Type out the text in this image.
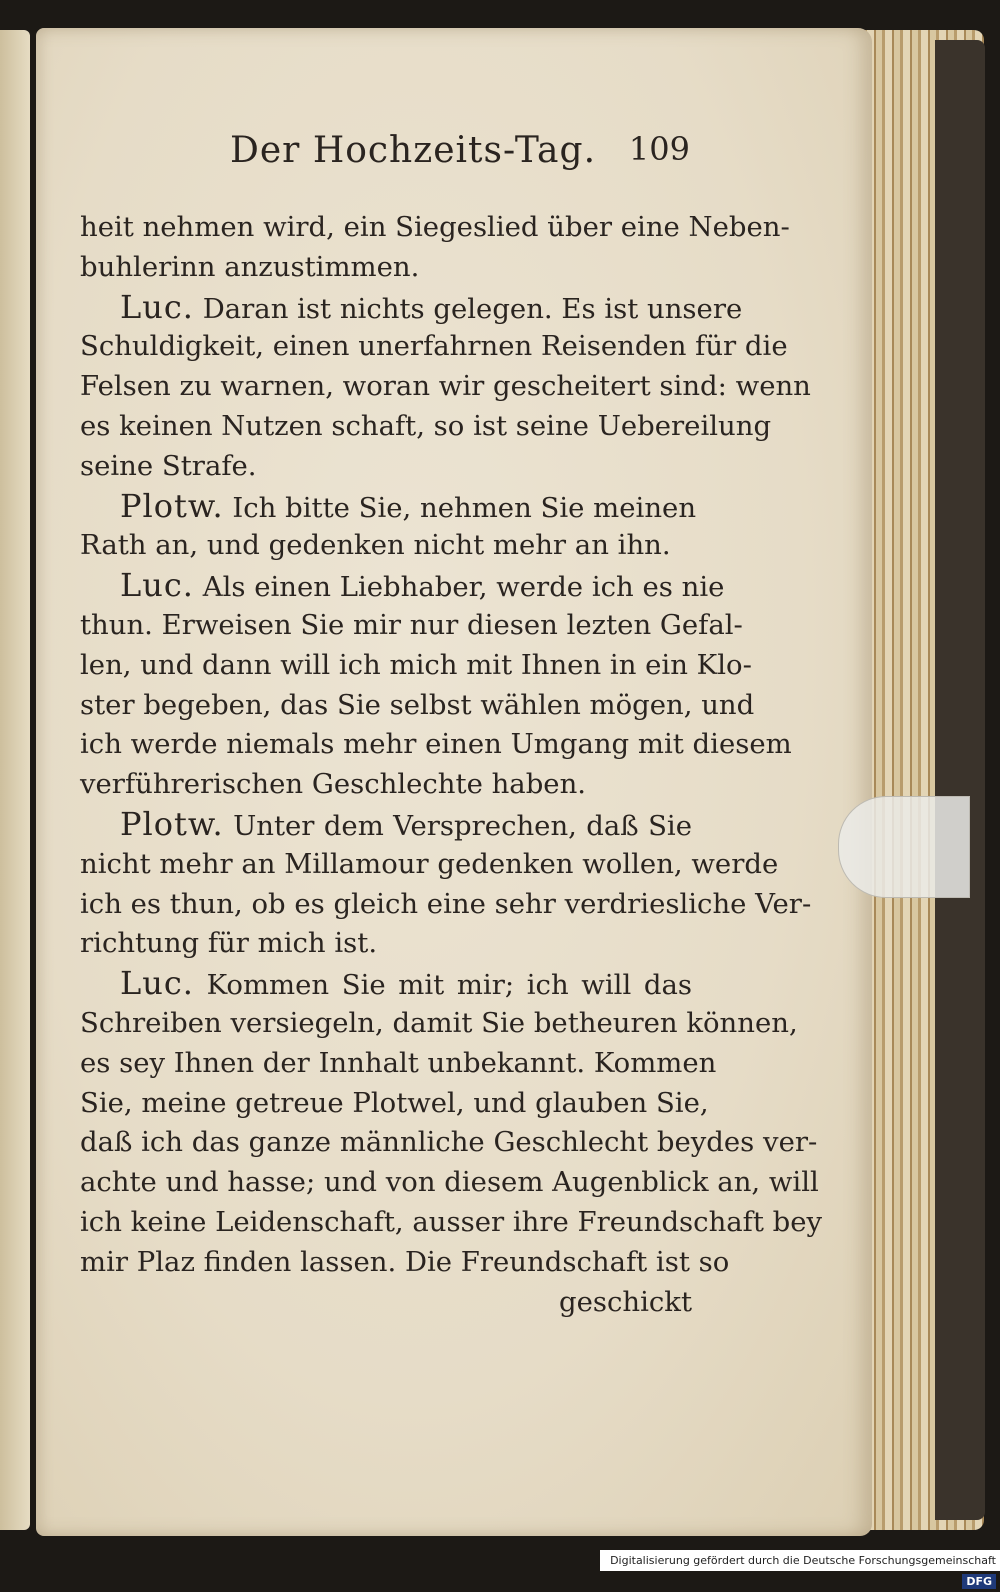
Der Hochzeits-Tag. 109
heit nehmen wird, ein Siegeslied über eine Neben-
buhlerinn anzustimmen.
Luc. Daran ist nichts gelegen. Es ist unsere
Schuldigkeit, einen unerfahrnen Reisenden für die
Felsen zu warnen, woran wir gescheitert sind: wenn
es keinen Nutzen schaft, so ist seine Uebereilung
seine Strafe.
Plotw. Ich bitte Sie, nehmen Sie meinen
Rath an, und gedenken nicht mehr an ihn.
Luc. Als einen Liebhaber, werde ich es nie
thun. Erweisen Sie mir nur diesen lezten Gefal-
len, und dann will ich mich mit Ihnen in ein Klo-
ster begeben, das Sie selbst wählen mögen, und
ich werde niemals mehr einen Umgang mit diesem
verführerischen Geschlechte haben.
Plotw. Unter dem Versprechen, daß Sie
nicht mehr an Millamour gedenken wollen, werde
ich es thun, ob es gleich eine sehr verdriesliche Ver-
richtung für mich ist.
Luc. Kommen Sie mit mir; ich will das
Schreiben versiegeln, damit Sie betheuren können,
es sey Ihnen der Innhalt unbekannt. Kommen
Sie, meine getreue Plotwel, und glauben Sie,
daß ich das ganze männliche Geschlecht beydes ver-
achte und hasse; und von diesem Augenblick an, will
ich keine Leidenschaft, ausser ihre Freundschaft bey
mir Plaz finden lassen. Die Freundschaft ist so
geschickt
Digitalisierung gefördert durch die Deutsche Forschungsgemeinschaft DFG
